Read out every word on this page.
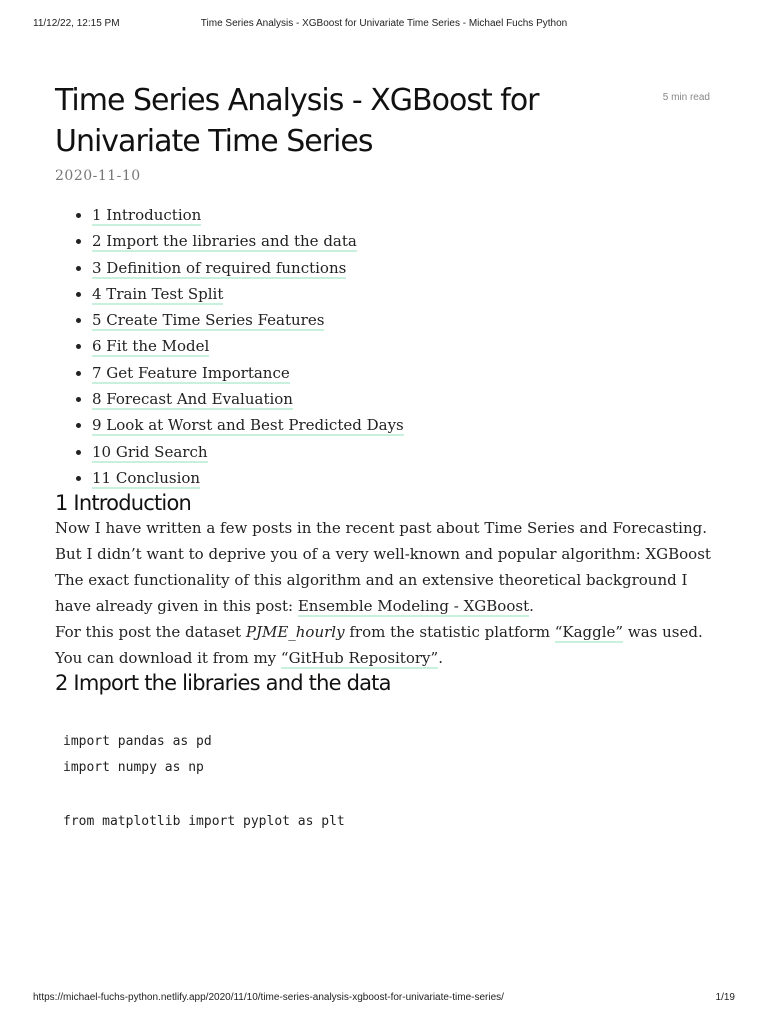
11/12/22, 12:15 PM	Time Series Analysis - XGBoost for Univariate Time Series - Michael Fuchs Python
5 min read
Time Series Analysis - XGBoost for Univariate Time Series
2020-11-10
• 1 Introduction
• 2 Import the libraries and the data
• 3 Definition of required functions
• 4 Train Test Split
• 5 Create Time Series Features
• 6 Fit the Model
• 7 Get Feature Importance
• 8 Forecast And Evaluation
• 9 Look at Worst and Best Predicted Days
• 10 Grid Search
• 11 Conclusion
1 Introduction

Now I have written a few posts in the recent past about Time Series and Forecasting. But I didn’t want to deprive you of a very well-known and popular algorithm: XGBoost

The exact functionality of this algorithm and an extensive theoretical background I have already given in this post: Ensemble Modeling - XGBoost.

For this post the dataset PJME_hourly from the statistic platform “Kaggle” was used. You can download it from my “GitHub Repository”.

2 Import the libraries and the data
import pandas as pd
import numpy as np
from matplotlib import pyplot as plt
https://michael-fuchs-python.netlify.app/2020/11/10/time-series-analysis-xgboost-for-univariate-time-series/	1/19
